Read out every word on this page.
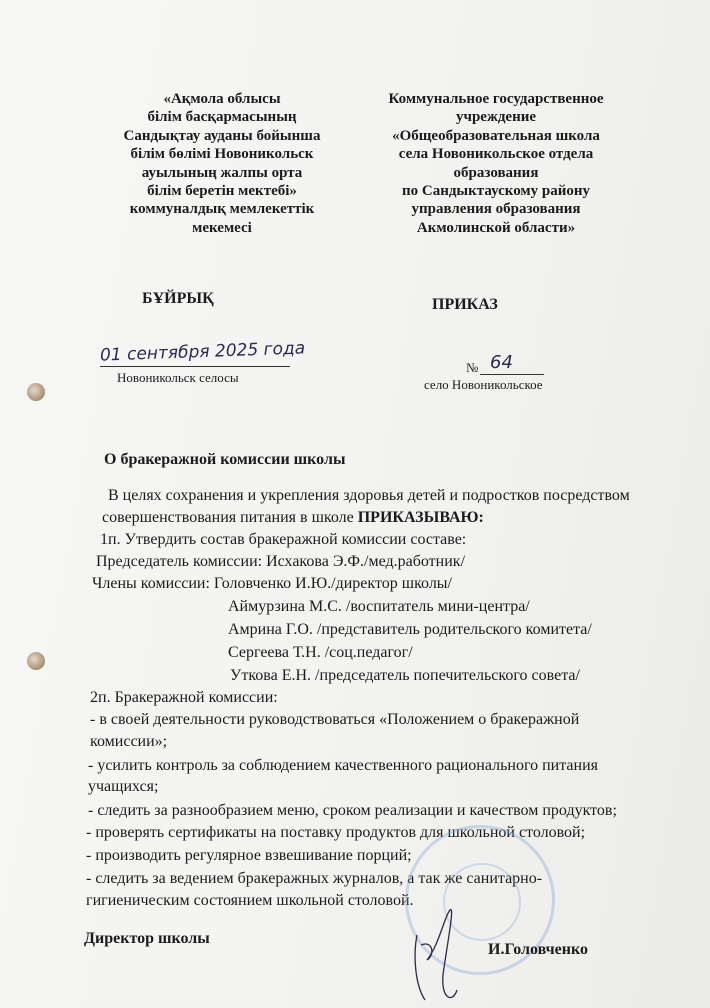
«Ақмола облысы
білім басқармасының
Сандықтау ауданы бойынша
білім бөлімі Новоникольск
ауылының жалпы орта
білім беретін мектебі»
коммуналдық мемлекеттік
мекемесі
Коммунальное государственное
учреждение
«Общеобразовательная школа
села Новоникольское отдела
образования
по Сандыктаускому району
управления образования
Акмолинской области»
БҰЙРЫҚ	ПРИКАЗ
01 сентября 2025 года
Новоникольск селосы
№ 64
село Новоникольское
О бракеражной комиссии школы
В целях сохранения и укрепления здоровья детей и подростков посредством
совершенствования питания в школе ПРИКАЗЫВАЮ:
1п. Утвердить состав бракеражной комиссии составе:
Председатель комиссии: Исхакова Э.Ф./мед.работник/
Члены комиссии: Головченко И.Ю./директор школы/
Аймурзина М.С. /воспитатель мини-центра/
Амрина Г.О. /представитель родительского комитета/
Сергеева Т.Н. /соц.педагог/
Уткова Е.Н. /председатель попечительского совета/
2п. Бракеражной комиссии:
- в своей деятельности руководствоваться «Положением о бракеражной
комиссии»;
- усилить контроль за соблюдением качественного рационального питания
учащихся;
- следить за разнообразием меню, сроком реализации и качеством продуктов;
- проверять сертификаты на поставку продуктов для школьной столовой;
- производить регулярное взвешивание порций;
- следить за ведением бракеражных журналов, а так же санитарно-
гигиеническим состоянием школьной столовой.
Директор школы
И.Головченко
